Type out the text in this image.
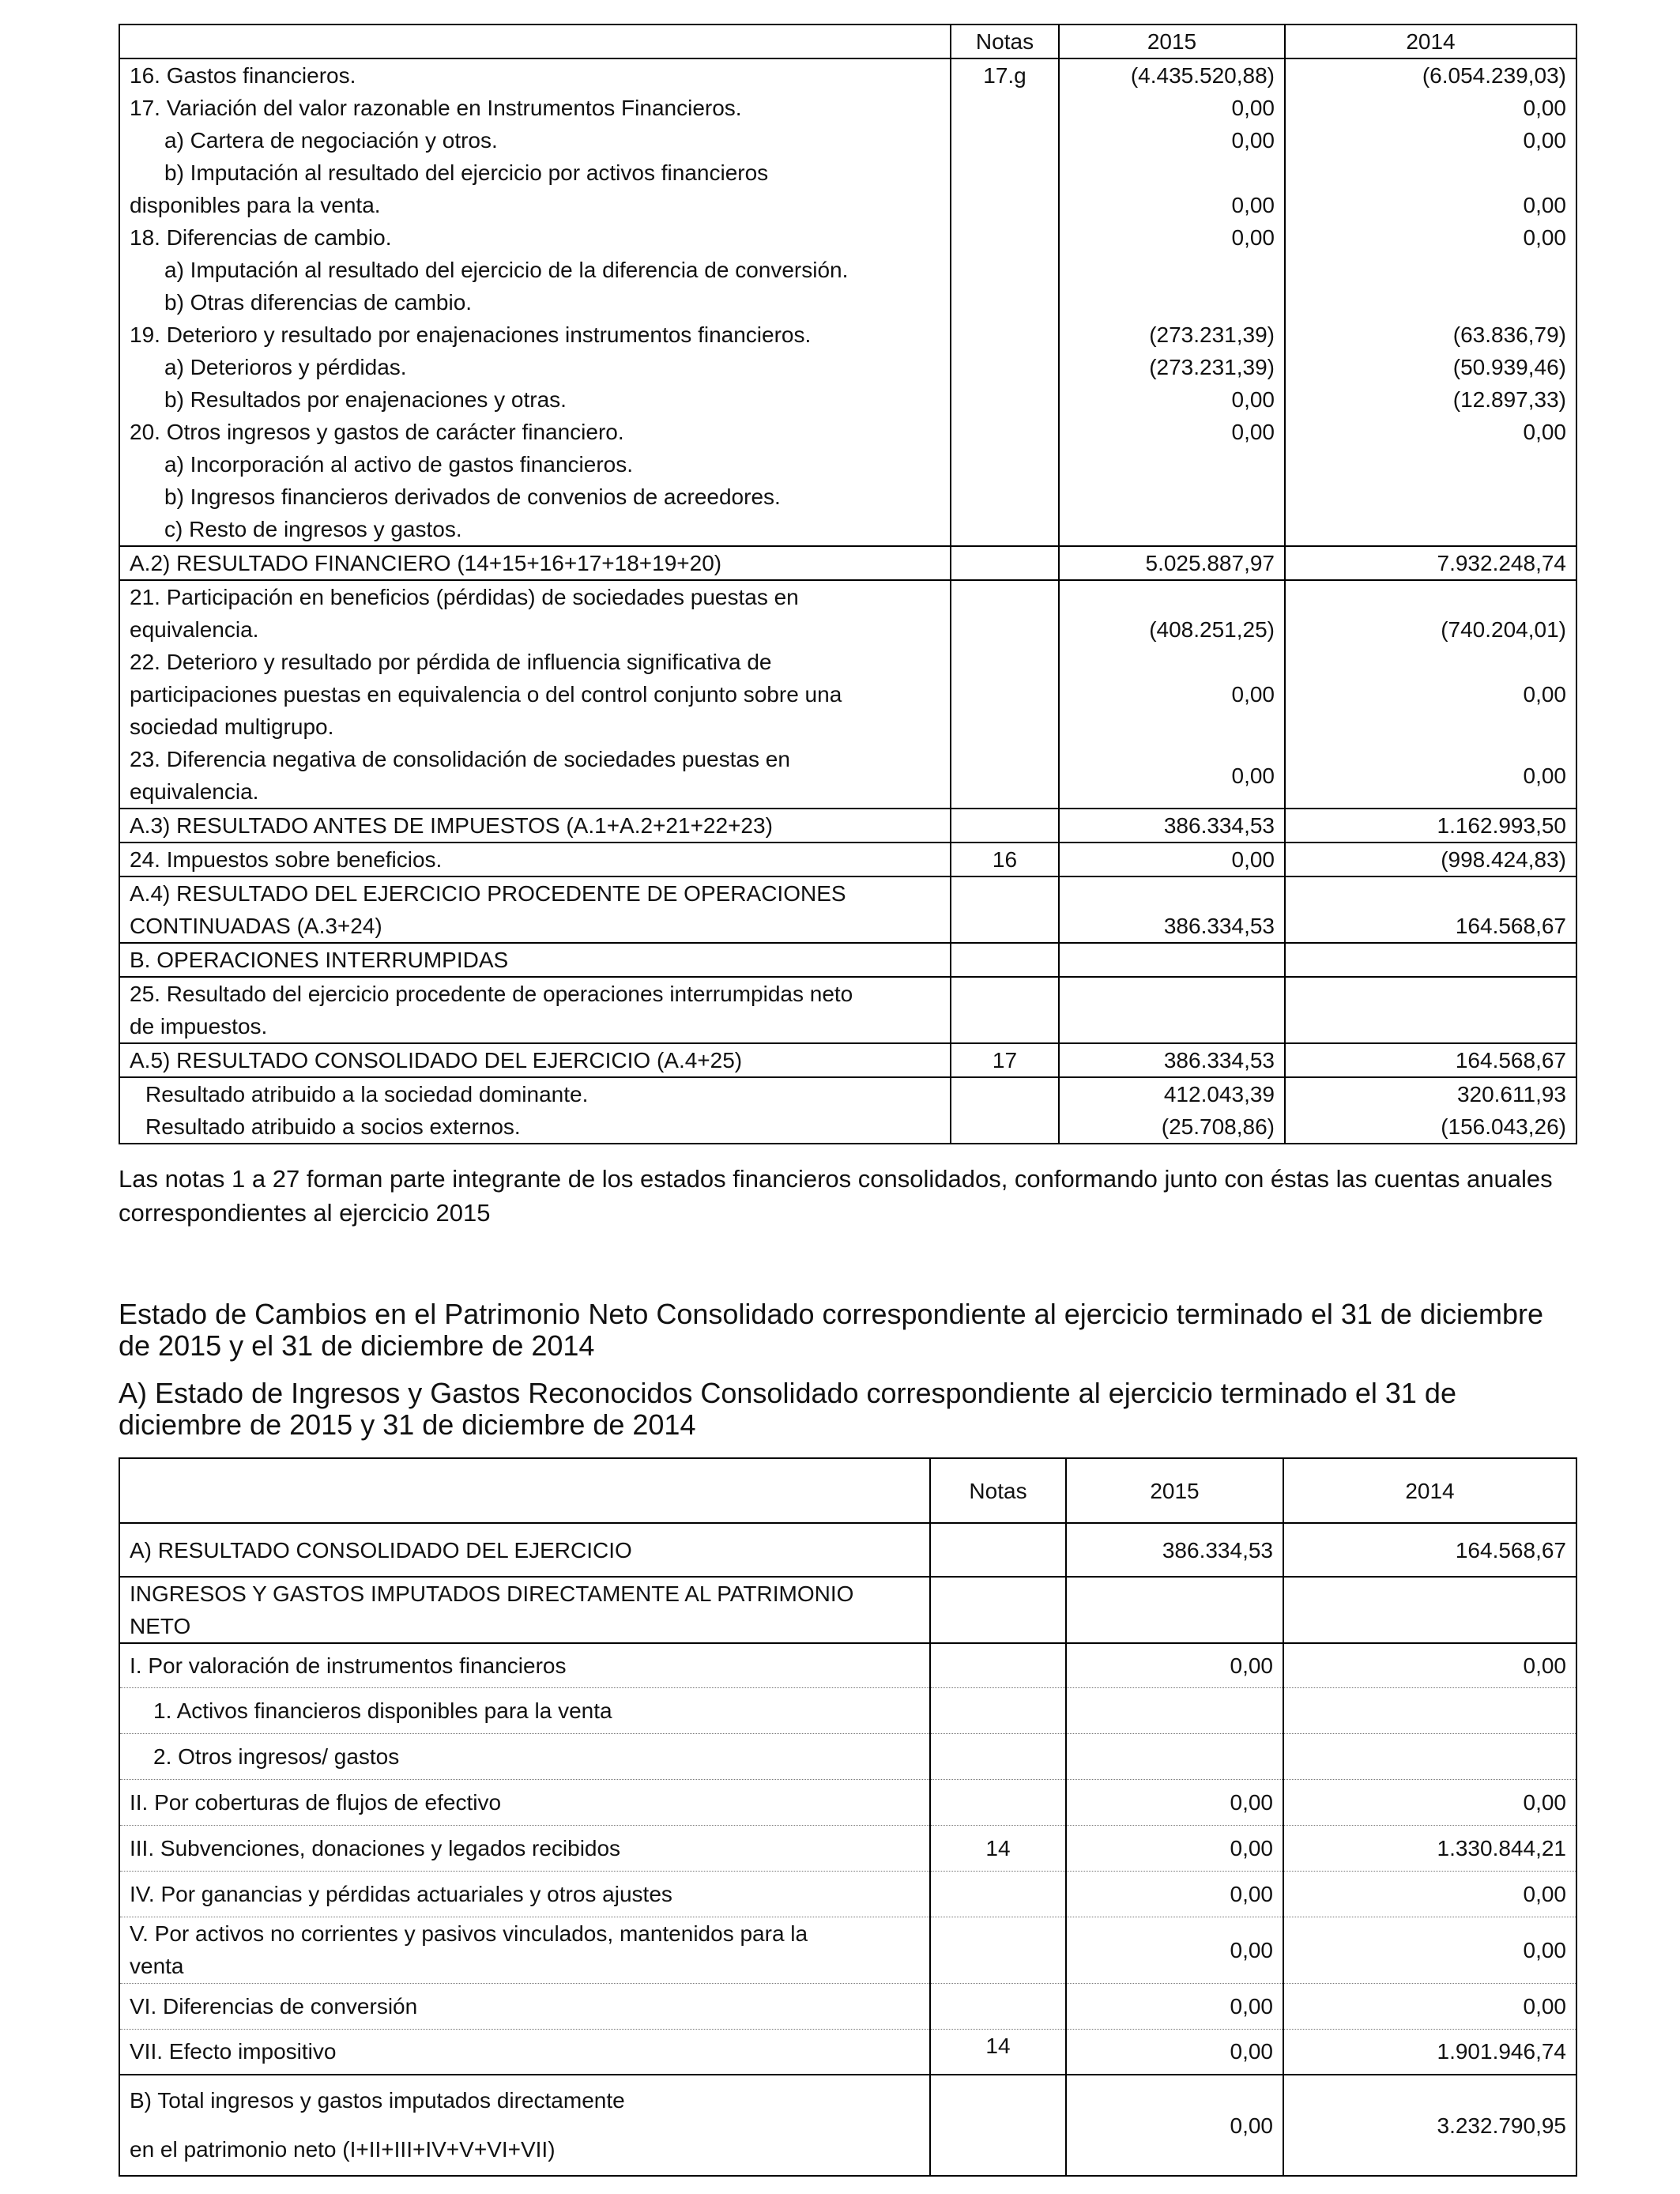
	Notas	2015	2014
16. Gastos financieros.	17.g	(4.435.520,88)	(6.054.239,03)
17. Variación del valor razonable en Instrumentos Financieros.		0,00	0,00
a) Cartera de negociación y otros.		0,00	0,00
b) Imputación al resultado del ejercicio por activos financieros
disponibles para la venta.		0,00	0,00
18. Diferencias de cambio.		0,00	0,00
a) Imputación al resultado del ejercicio de la diferencia de conversión.			
b) Otras diferencias de cambio.			
19. Deterioro y resultado por enajenaciones instrumentos financieros.		(273.231,39)	(63.836,79)
a) Deterioros y pérdidas.		(273.231,39)	(50.939,46)
b) Resultados por enajenaciones y otras.		0,00	(12.897,33)
20. Otros ingresos y gastos de carácter financiero.		0,00	0,00
a) Incorporación al activo de gastos financieros.			
b) Ingresos financieros derivados de convenios de acreedores.			
c) Resto de ingresos y gastos.			
A.2) RESULTADO FINANCIERO (14+15+16+17+18+19+20)		5.025.887,97	7.932.248,74
21. Participación en beneficios (pérdidas) de sociedades puestas en
equivalencia.		(408.251,25)	(740.204,01)
22. Deterioro y resultado por pérdida de influencia significativa de
participaciones puestas en equivalencia o del control conjunto sobre una
sociedad multigrupo.		0,00	0,00
23. Diferencia negativa de consolidación de sociedades puestas en
equivalencia.		0,00	0,00
A.3) RESULTADO ANTES DE IMPUESTOS (A.1+A.2+21+22+23)		386.334,53	1.162.993,50
24. Impuestos sobre beneficios.	16	0,00	(998.424,83)
A.4) RESULTADO DEL EJERCICIO PROCEDENTE DE OPERACIONES
CONTINUADAS (A.3+24)		386.334,53	164.568,67
B. OPERACIONES INTERRUMPIDAS			
25. Resultado del ejercicio procedente de operaciones interrumpidas neto
de impuestos.			
A.5) RESULTADO CONSOLIDADO DEL EJERCICIO (A.4+25)	17	386.334,53	164.568,67
Resultado atribuido a la sociedad dominante.		412.043,39	320.611,93
Resultado atribuido a socios externos.		(25.708,86)	(156.043,26)
Las notas 1 a 27 forman parte integrante de los estados financieros consolidados, conformando junto con éstas las cuentas anuales correspondientes al ejercicio 2015
Estado de Cambios en el Patrimonio Neto Consolidado correspondiente al ejercicio terminado el 31 de diciembre de 2015 y el 31 de diciembre de 2014
A) Estado de Ingresos y Gastos Reconocidos Consolidado correspondiente al ejercicio terminado el 31 de diciembre de 2015 y 31 de diciembre de 2014
	Notas	2015	2014
A) RESULTADO CONSOLIDADO DEL EJERCICIO		386.334,53	164.568,67
INGRESOS Y GASTOS IMPUTADOS DIRECTAMENTE AL PATRIMONIO NETO			
I. Por valoración de instrumentos financieros		0,00	0,00
1. Activos financieros disponibles para la venta			
2. Otros ingresos/ gastos			
II. Por coberturas de flujos de efectivo		0,00	0,00
III. Subvenciones, donaciones y legados recibidos	14	0,00	1.330.844,21
IV. Por ganancias y pérdidas actuariales y otros ajustes		0,00	0,00
V. Por activos no corrientes y pasivos vinculados, mantenidos para la
venta		0,00	0,00
VI. Diferencias de conversión		0,00	0,00
VII. Efecto impositivo	14	0,00	1.901.946,74
B) Total ingresos y gastos imputados directamente
en el patrimonio neto (I+II+III+IV+V+VI+VII)		0,00	3.232.790,95
